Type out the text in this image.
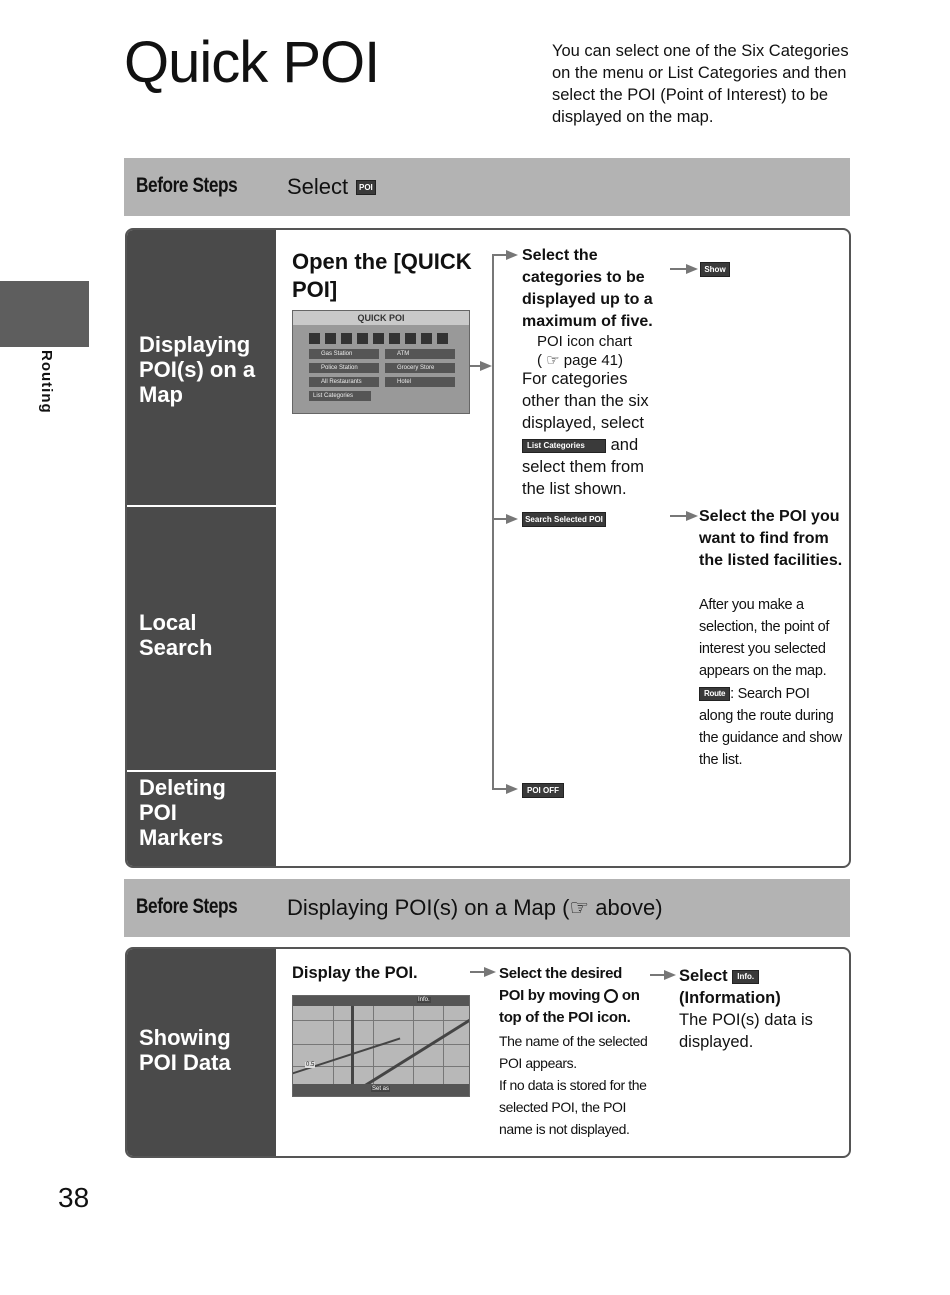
Quick POI	You can select one of the Six Categories on the menu or List Categories and then select the POI (Point of Interest) to be displayed on the map.
Routing
Before Steps Select	POI
Displaying POI(s) on a Map
Local Search
Deleting POI Markers
Open the [QUICK POI]
QUICK POI
Gas Station	ATM
Police Station	Grocery Store
All Restaurants	Hotel
List Categories
Select the categories to be displayed up to a maximum of five.
POI icon chart
( ☞ page 41)
For categories other than the six displayed, select List Categories and select them from the list shown.
Show
Search Selected POI	Select the POI you want to find from the listed facilities.
After you make a selection, the point of interest you selected appears on the map.
Route : Search POI along the route during the guidance and show the list.
POI OFF
Before Steps Displaying POI(s) on a Map (☞ above)
Showing POI Data
Display the POI.
Info.
0.5
Set as
Select the desired POI by moving on top of the POI icon.
The name of the selected POI appears.
If no data is stored for the selected POI, the POI name is not displayed.
Select Info.
(Information)
The POI(s) data is displayed.
38
